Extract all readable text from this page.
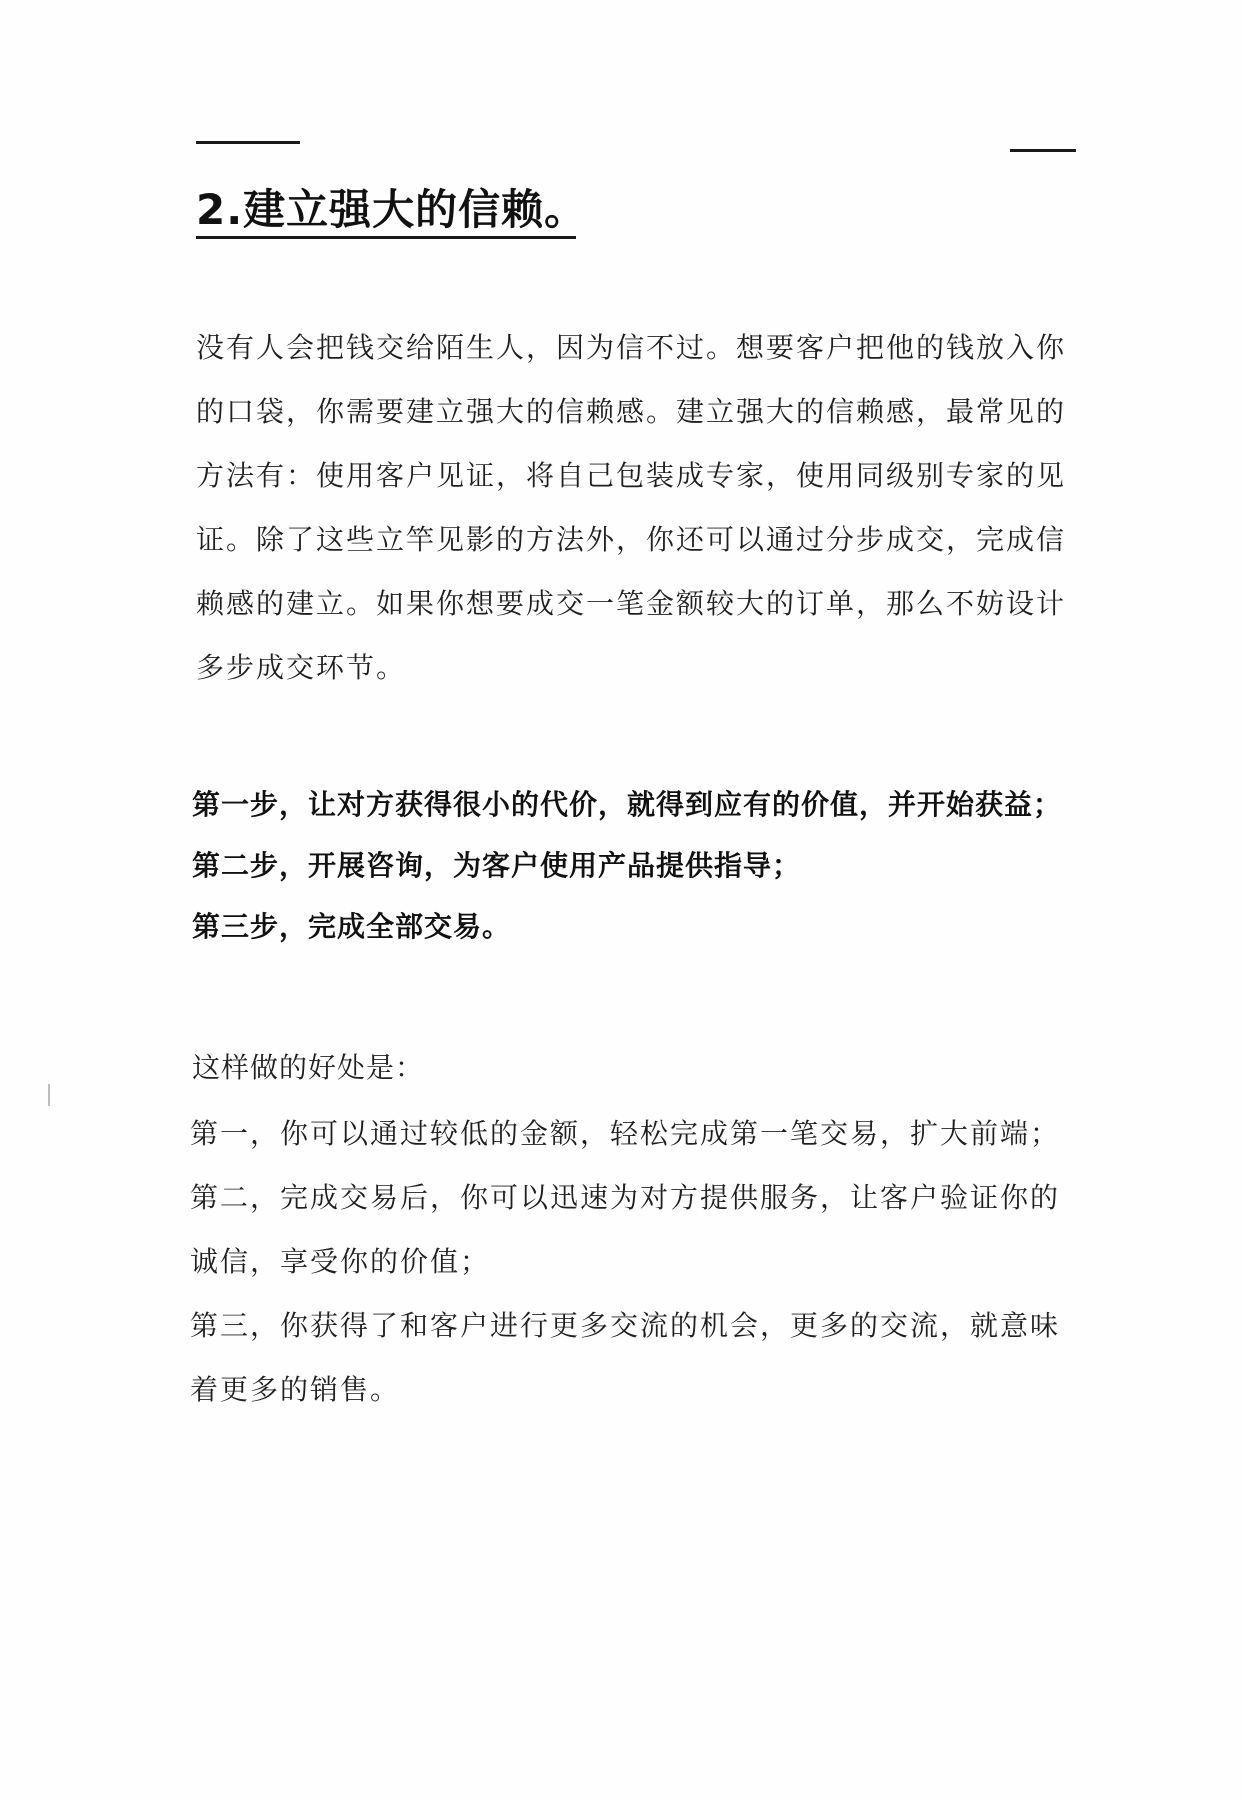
2.建立强大的信赖。

没有人会把钱交给陌生人，因为信不过。想要客户把他的钱放入你的口袋，你需要建立强大的信赖感。建立强大的信赖感，最常见的方法有：使用客户见证，将自己包装成专家，使用同级别专家的见证。除了这些立竿见影的方法外，你还可以通过分步成交，完成信赖感的建立。如果你想要成交一笔金额较大的订单，那么不妨设计多步成交环节。

第一步，让对方获得很小的代价，就得到应有的价值，并开始获益；
第二步，开展咨询，为客户使用产品提供指导；
第三步，完成全部交易。

这样做的好处是：

第一，你可以通过较低的金额，轻松完成第一笔交易，扩大前端；
第二，完成交易后，你可以迅速为对方提供服务，让客户验证你的诚信，享受你的价值；
第三，你获得了和客户进行更多交流的机会，更多的交流，就意味着更多的销售。
